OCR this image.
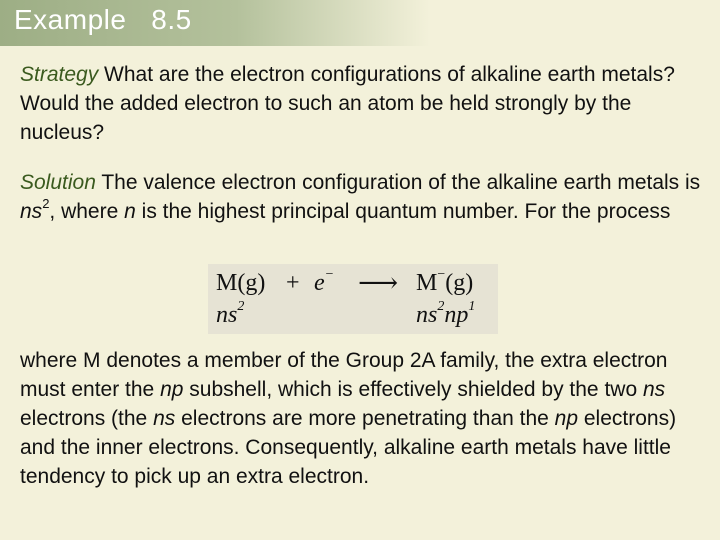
Example   8.5
Strategy What are the electron configurations of alkaline earth metals? Would the added electron to such an atom be held strongly by the nucleus?
Solution The valence electron configuration of the alkaline earth metals is $ns^2$, where n is the highest principal quantum number. For the process
M(g) + e− ⟶ M−(g)
$ns^2$	$ns^2np^1$
where M denotes a member of the Group 2A family, the extra electron must enter the np subshell, which is effectively shielded by the two ns electrons (the ns electrons are more penetrating than the np electrons) and the inner electrons. Consequently, alkaline earth metals have little tendency to pick up an extra electron.
